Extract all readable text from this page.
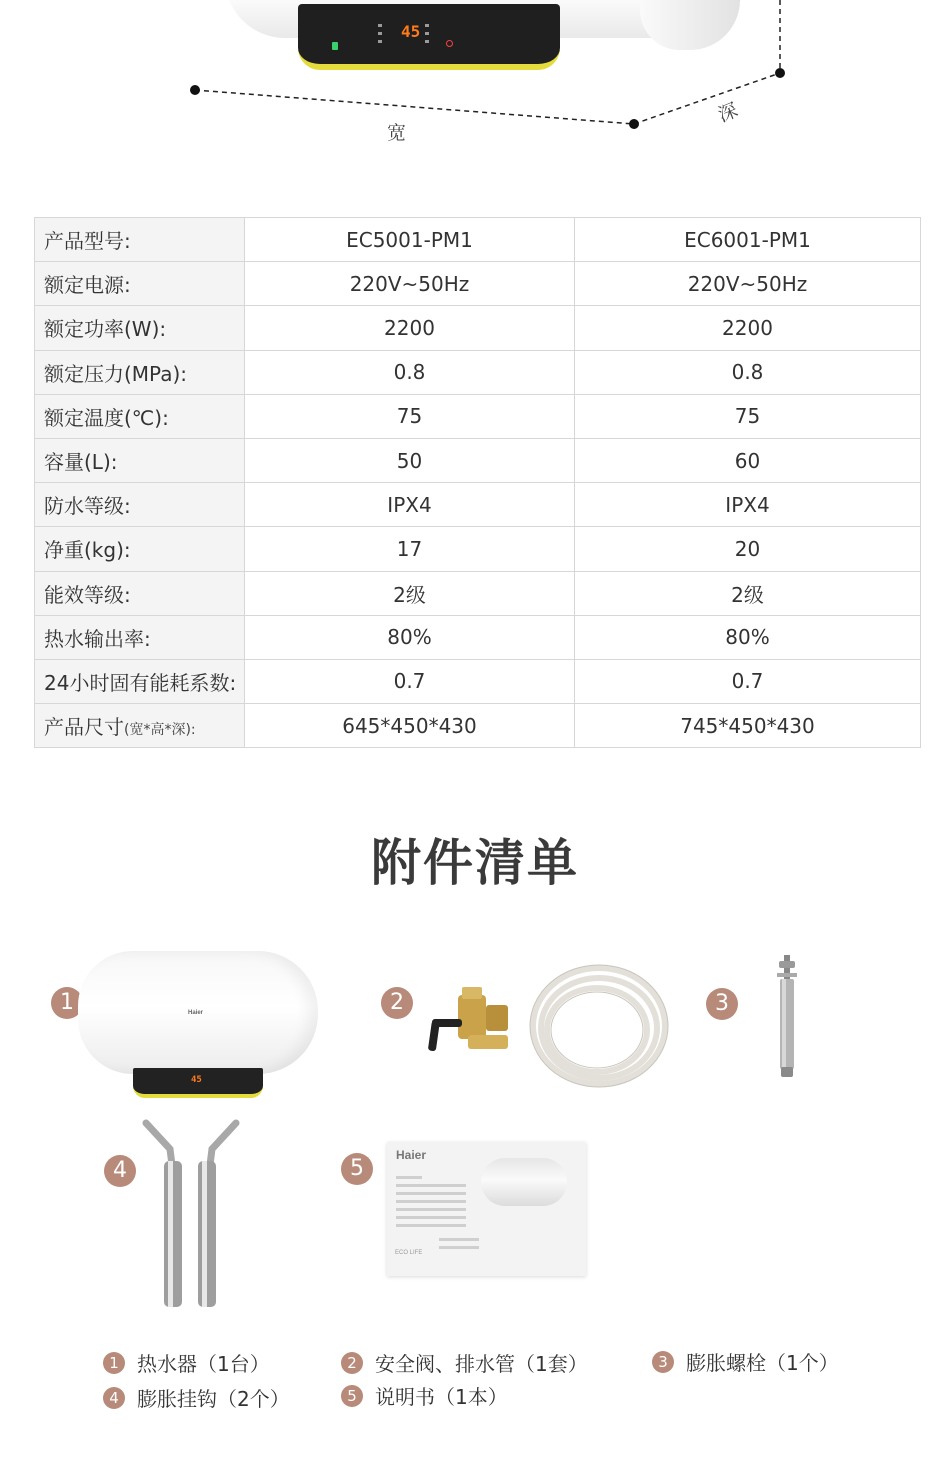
45
宽
深
产品型号:	EC5001-PM1	EC6001-PM1
额定电源:	220V~50Hz	220V~50Hz
额定功率(W):	2200	2200
额定压力(MPa):	0.8	0.8
额定温度(℃):	75	75
容量(L):	50	60
防水等级:	IPX4	IPX4
净重(kg):	17	20
能效等级:	2级	2级
热水输出率:	80%	80%
24小时固有能耗系数:	0.7	0.7
产品尺寸(宽*高*深):	645*450*430	745*450*430
附件清单
1	Haier
45
2	3
4	5
Haier
ECO LIFE
1 热水器（1台）	2 安全阀、排水管（1套）	3 膨胀螺栓（1个）
4 膨胀挂钩（2个）	5 说明书（1本）
